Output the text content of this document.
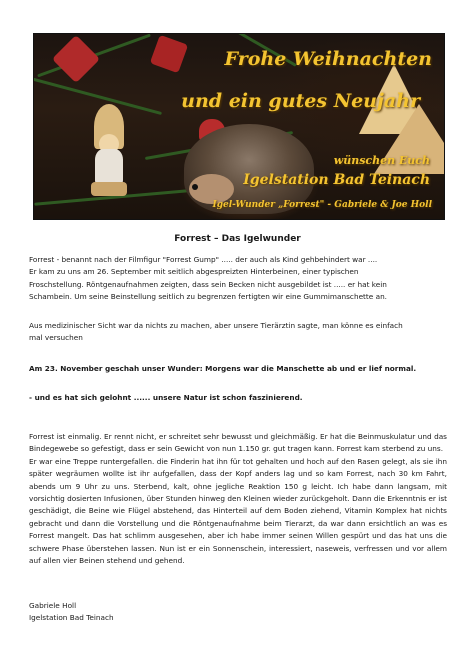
Frohe Weihnachten
und ein gutes Neujahr
wünschen Euch
Igelstation Bad Teinach
Igel-Wunder „Forrest" - Gabriele & Joe Holl
Forrest – Das Igelwunder

Forrest - benannt nach der Filmfigur "Forrest Gump" ..... der auch als Kind gehbehindert war ....

Er kam zu uns am 26. September mit seitlich abgespreizten Hinterbeinen, einer typischen

Froschstellung. Röntgenaufnahmen zeigten, dass sein Becken nicht ausgebildet ist ..... er hat kein

Schambein. Um seine Beinstellung seitlich zu begrenzen fertigten wir eine Gummimanschette an.

Aus medizinischer Sicht war da nichts zu machen, aber unsere Tierärztin sagte, man könne es einfach

mal versuchen

Am 23. November geschah unser Wunder: Morgens war die Manschette ab und er lief normal.
- und es hat sich gelohnt ...... unsere Natur ist schon faszinierend.

Forrest ist einmalig. Er rennt nicht, er schreitet sehr bewusst und gleichmäßig. Er hat die Beinmuskulatur und das Bindegewebe so gefestigt, dass er sein Gewicht von nun 1.150 gr. gut tragen kann. Forrest kam sterbend zu uns.

Er war eine Treppe runtergefallen. die Finderin hat ihn für tot gehalten und hoch auf den Rasen gelegt, als sie ihn später wegräumen wollte ist ihr aufgefallen, dass der Kopf anders lag und so kam Forrest, nach 30 km Fahrt, abends um 9 Uhr zu uns. Sterbend, kalt, ohne jegliche Reaktion 150 g leicht. Ich habe dann langsam, mit vorsichtig dosierten Infusionen, über Stunden hinweg den Kleinen wieder zurückgeholt. Dann die Erkenntnis er ist geschädigt, die Beine wie Flügel abstehend, das Hinterteil auf dem Boden ziehend, Vitamin Komplex hat nichts gebracht und dann die Vorstellung und die Röntgenaufnahme beim Tierarzt, da war dann ersichtlich an was es Forrest mangelt. Das hat schlimm ausgesehen, aber ich habe immer seinen Willen gespürt und das hat uns die schwere Phase überstehen lassen. Nun ist er ein Sonnenschein, interessiert, naseweis, verfressen und vor allem auf allen vier Beinen stehend und gehend.

Gabriele Holl

Igelstation Bad Teinach
